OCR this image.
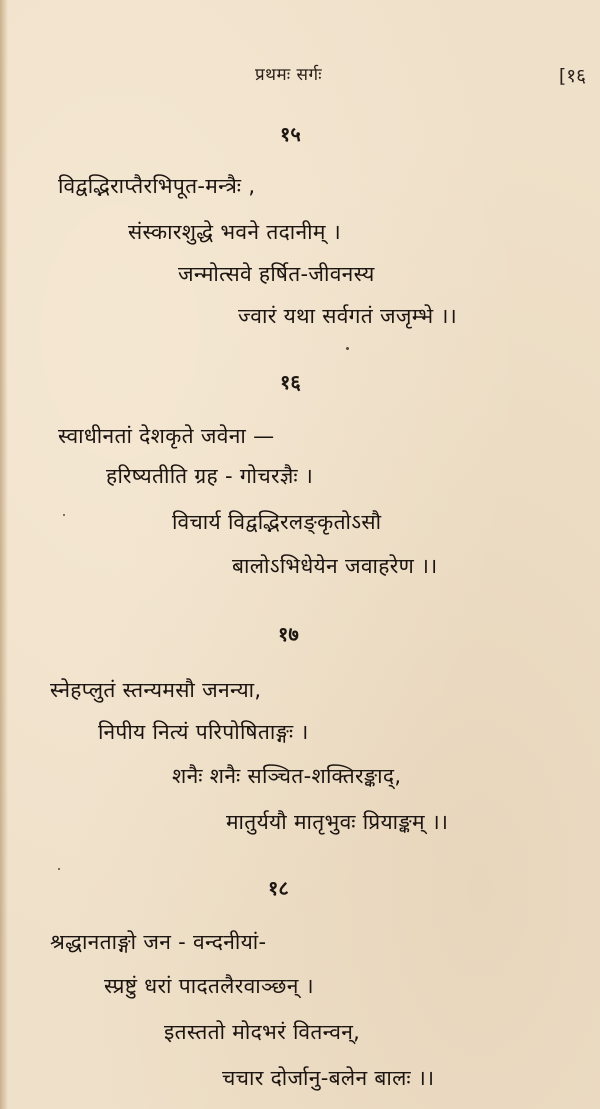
प्रथमः सर्गः	[१६
१५
विद्वद्भिराप्तैरभिपूत-मन्त्रैः ,
संस्कारशुद्धे भवने तदानीम् ।
जन्मोत्सवे हर्षित-जीवनस्य
ज्वारं यथा सर्वगतं जजृम्भे ।।
१६
स्वाधीनतां देशकृते जवेना —
हरिष्यतीति ग्रह - गोचरज्ञैः ।
विचार्य विद्वद्भिरलङ्कृतोऽसौ
बालोऽभिधेयेन जवाहरेण ।।
१७
स्नेहप्लुतं स्तन्यमसौ जनन्या,
निपीय नित्यं परिपोषिताङ्गः ।
शनैः शनैः सञ्चित-शक्तिरङ्काद्,
मातुर्ययौ मातृभुवः प्रियाङ्कम् ।।
१८
श्रद्धानताङ्गो जन - वन्दनीयां-
स्प्रष्टुं धरां पादतलैरवाञ्छन् ।
इतस्ततो मोदभरं वितन्वन्,
चचार दोर्जानु-बलेन बालः ।।
